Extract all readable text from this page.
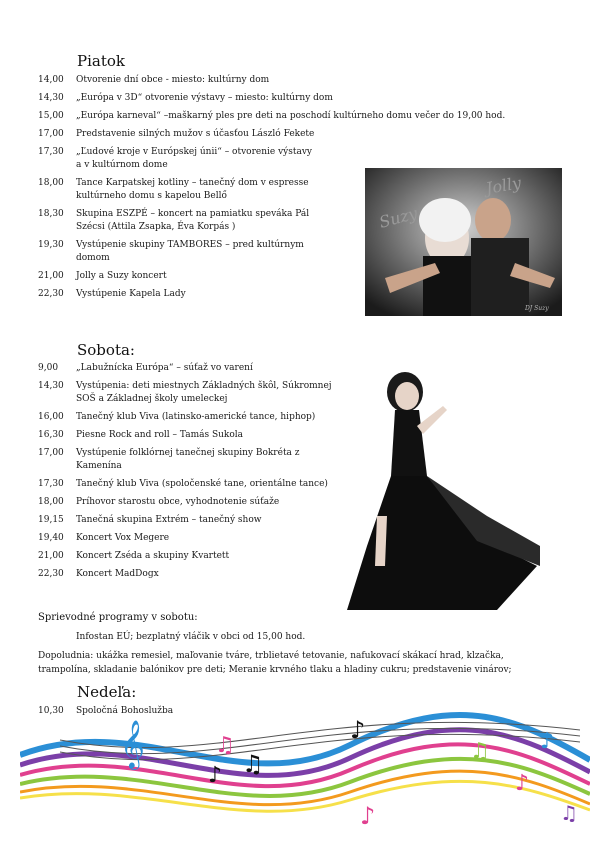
Piatok
14,00	Otvorenie dní obce - miesto: kultúrny dom
14,30	„Európa v 3D“ otvorenie výstavy – miesto: kultúrny dom
15,00	„Európa karneval“ –maškarný ples pre deti na poschodí kultúrneho domu večer do 19,00 hod.
17,00	Predstavenie silných mužov s účasťou László Fekete
17,30	„Ľudové kroje v Európskej únii“ – otvorenie výstavy
a v kultúrnom dome
18,00	Tance Karpatskej kotliny – tanečný dom v espresse
kultúrneho domu s kapelou Bellő
18,30	Skupina ESZPÉ – koncert na pamiatku speváka Pál
Szécsi (Attila Zsapka, Éva Korpás )
19,30	Vystúpenie skupiny TAMBORES – pred kultúrnym
domom
21,00	Jolly a Suzy koncert
22,30	Vystúpenie Kapela Lady
Suzy
Jolly
DJ Suzy
Sobota:
9,00	„Labužnícka Európa“ – súťaž vo varení
14,30	Vystúpenia: deti miestnych Základných škôl, Súkromnej
SOŠ a Základnej školy umeleckej
16,00	Tanečný klub Viva (latinsko-americké tance, hiphop)
16,30	Piesne Rock and roll – Tamás Sukola
17,00	Vystúpenie folklórnej tanečnej skupiny Bokréta z
Kamenína
17,30	Tanečný klub Viva (spoločenské tane, orientálne tance)
18,00	Príhovor starostu obce, vyhodnotenie súťaže
19,15	Tanečná skupina Extrém – tanečný show
19,40	Koncert Vox Megere
21,00	Koncert Zséda a skupiny Kvartett
22,30	Koncert MadDogx
Sprievodné programy v sobotu:
Infostan EÚ; bezplatný vláčik v obci od 15,00 hod.
Dopoludnia: ukážka remesiel, maľovanie tváre, trblietavé tetovanie, nafukovací skákací hrad, klzačka,
trampolína, skladanie balónikov pre deti; Meranie krvného tlaku a hladiny cukru; predstavenie vinárov;
Nedeľa:
10,30	Spoločná Bohoslužba
𝄞	♫
♪ ♫
♪
♫ ♪
♪
♫
♪
